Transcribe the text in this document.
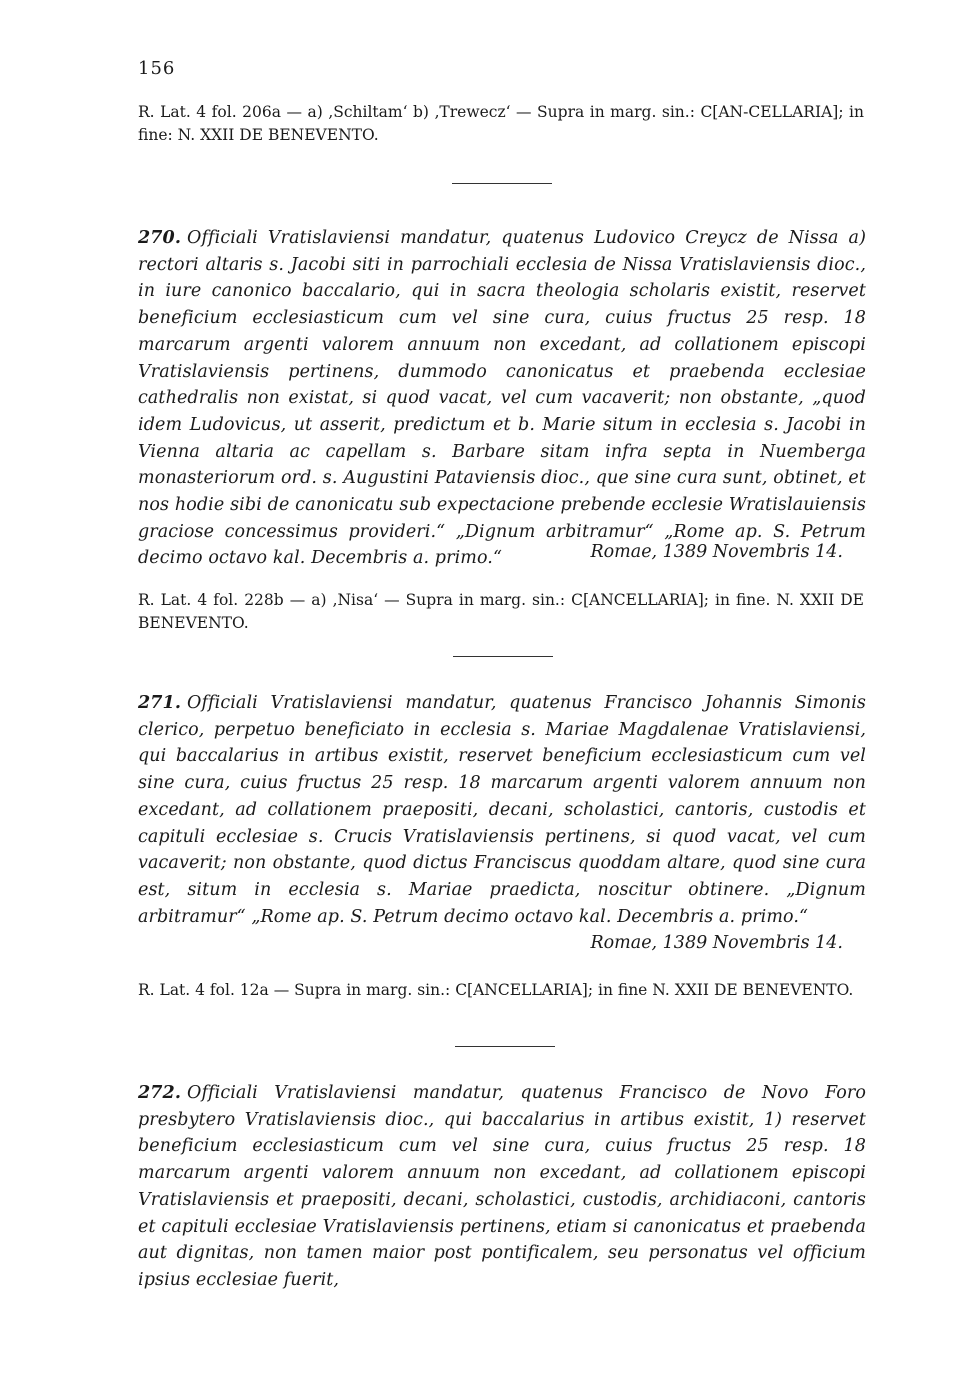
156
R. Lat. 4 fol. 206a — a) ‚Schiltam‘ b) ‚Trewecz‘ — Supra in marg. sin.: C[AN-CELLARIA]; in fine: N. XXII DE BENEVENTO.
270. Officiali Vratislaviensi mandatur, quatenus Ludovico Creycz de Nissa a) rectori altaris s. Jacobi siti in parrochiali ecclesia de Nissa Vratislaviensis dioc., in iure canonico baccalario, qui in sacra theologia scholaris existit, reservet beneficium ecclesiasticum cum vel sine cura, cuius fructus 25 resp. 18 marcarum argenti valorem annuum non excedant, ad collationem episcopi Vratislaviensis pertinens, dummodo canonicatus et praebenda ecclesiae cathedralis non existat, si quod vacat, vel cum vacaverit; non obstante, „quod idem Ludovicus, ut asserit, predictum et b. Marie situm in ecclesia s. Jacobi in Vienna altaria ac capellam s. Barbare sitam infra septa in Nuemberga monasteriorum ord. s. Augustini Pataviensis dioc., que sine cura sunt, obtinet, et nos hodie sibi de canonicatu sub expectacione prebende ecclesie Wratislauiensis graciose concessimus provideri.“ „Dignum arbitramur“ „Rome ap. S. Petrum decimo octavo kal. Decembris a. primo.“	Romae, 1389 Novembris 14.
R. Lat. 4 fol. 228b — a) ‚Nisa‘ — Supra in marg. sin.: C[ANCELLARIA]; in fine. N. XXII DE BENEVENTO.
271. Officiali Vratislaviensi mandatur, quatenus Francisco Johannis Simonis clerico, perpetuo beneficiato in ecclesia s. Mariae Magdalenae Vratislaviensi, qui baccalarius in artibus existit, reservet beneficium ecclesiasticum cum vel sine cura, cuius fructus 25 resp. 18 marcarum argenti valorem annuum non excedant, ad collationem praepositi, decani, scholastici, cantoris, custodis et capituli ecclesiae s. Crucis Vratislaviensis pertinens, si quod vacat, vel cum vacaverit; non obstante, quod dictus Franciscus quoddam altare, quod sine cura est, situm in ecclesia s. Mariae praedicta, noscitur obtinere. „Dignum arbitramur“ „Rome ap. S. Petrum decimo octavo kal. Decembris a. primo.“
Romae, 1389 Novembris 14.
R. Lat. 4 fol. 12a — Supra in marg. sin.: C[ANCELLARIA]; in fine N. XXII DE BENEVENTO.
272. Officiali Vratislaviensi mandatur, quatenus Francisco de Novo Foro presbytero Vratislaviensis dioc., qui baccalarius in artibus existit, 1) reservet beneficium ecclesiasticum cum vel sine cura, cuius fructus 25 resp. 18 marcarum argenti valorem annuum non excedant, ad collationem episcopi Vratislaviensis et praepositi, decani, scholastici, custodis, archidiaconi, cantoris et capituli ecclesiae Vratislaviensis pertinens, etiam si canonicatus et praebenda aut dignitas, non tamen maior post pontificalem, seu personatus vel officium ipsius ecclesiae fuerit,
